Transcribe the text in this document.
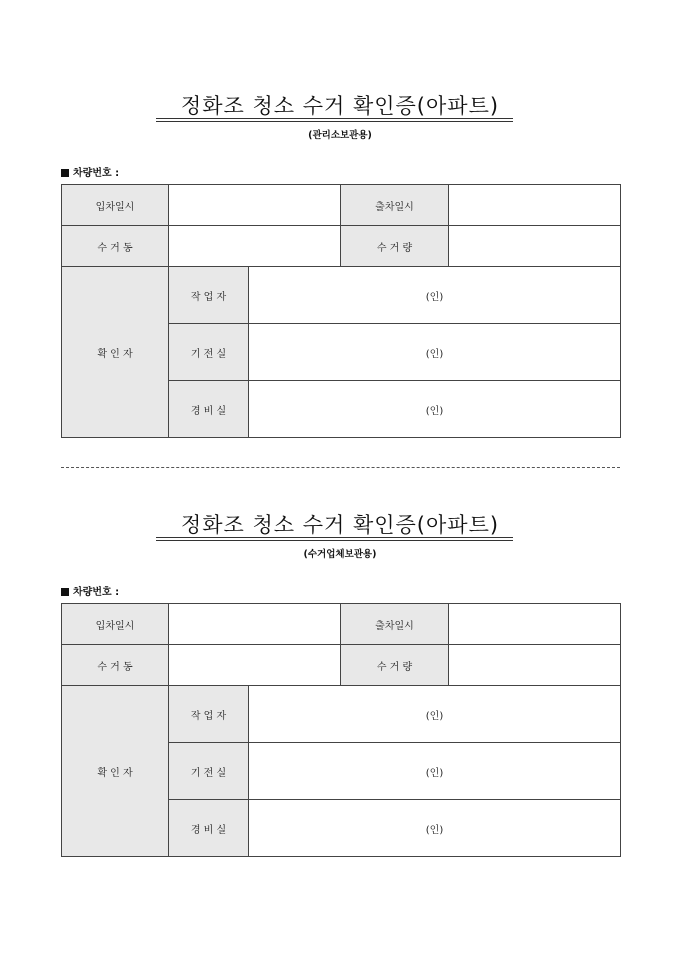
정화조 청소 수거 확인증(아파트)
(관리소보관용)
차량번호 :
입차일시			출차일시	
수 거 동			수 거 량	
확 인 자	작 업 자	(인)		
	기 전 실	(인)		
	경 비 실	(인)		
정화조 청소 수거 확인증(아파트)
(수거업체보관용)
차량번호 :
입차일시			출차일시	
수 거 동			수 거 량	
확 인 자	작 업 자	(인)		
	기 전 실	(인)		
	경 비 실	(인)		
